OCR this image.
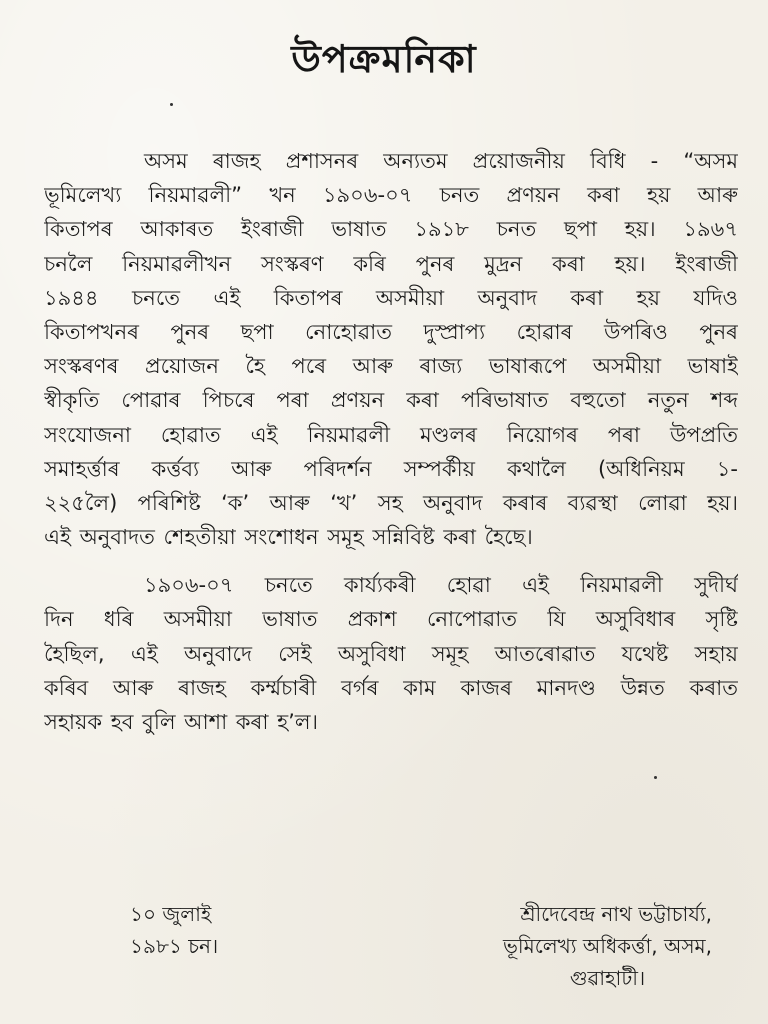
উপক্ৰমনিকা
অসম ৰাজহ প্ৰশাসনৰ অন্যতম প্ৰয়োজনীয় বিধি - “অসম
ভূমিলেখ্য নিয়মাৱলী” খন ১৯০৬-০৭ চনত প্ৰণয়ন কৰা হয় আৰু
কিতাপৰ আকাৰত ইংৰাজী ভাষাত ১৯১৮ চনত ছপা হয়। ১৯৬৭
চনলৈ নিয়মাৱলীখন সংস্কৰণ কৰি পুনৰ মুদ্ৰন কৰা হয়। ইংৰাজী
১৯৪৪ চনতে এই কিতাপৰ অসমীয়া অনুবাদ কৰা হয় যদিও
কিতাপখনৰ পুনৰ ছপা নোহোৱাত দুস্প্ৰাপ্য হোৱাৰ উপৰিও পুনৰ
সংস্কৰণৰ প্ৰয়োজন হৈ পৰে আৰু ৰাজ্য ভাষাৰূপে অসমীয়া ভাষাই
স্বীকৃতি পোৱাৰ পিচৰে পৰা প্ৰণয়ন কৰা পৰিভাষাত বহুতো নতুন শব্দ
সংযোজনা হোৱাত এই নিয়মাৱলী মণ্ডলৰ নিয়োগৰ পৰা উপপ্ৰতি
সমাহৰ্ত্তাৰ কৰ্ত্তব্য আৰু পৰিদৰ্শন সম্পৰ্কীয় কথালৈ (অধিনিয়ম ১-
২২৫লৈ) পৰিশিষ্ট ‘ক’ আৰু ‘খ’ সহ অনুবাদ কৰাৰ ব্যৱস্থা লোৱা হয়।
এই অনুবাদত শেহতীয়া সংশোধন সমূহ সন্নিবিষ্ট কৰা হৈছে।
১৯০৬-০৭ চনতে কাৰ্য্যকৰী হোৱা এই নিয়মাৱলী সুদীৰ্ঘ
দিন ধৰি অসমীয়া ভাষাত প্ৰকাশ নোপোৱাত যি অসুবিধাৰ সৃষ্টি
হৈছিল, এই অনুবাদে সেই অসুবিধা সমূহ আতৰোৱাত যথেষ্ট সহায়
কৰিব আৰু ৰাজহ কৰ্ম্মচাৰী বৰ্গৰ কাম কাজৰ মানদণ্ড উন্নত কৰাত
সহায়ক হব বুলি আশা কৰা হ’ল।
১০ জুলাই
১৯৮১ চন।
শ্ৰীদেবেন্দ্ৰ নাথ ভট্টাচাৰ্য্য,
ভূমিলেখ্য অধিকৰ্ত্তা, অসম,
গুৱাহাটী।
